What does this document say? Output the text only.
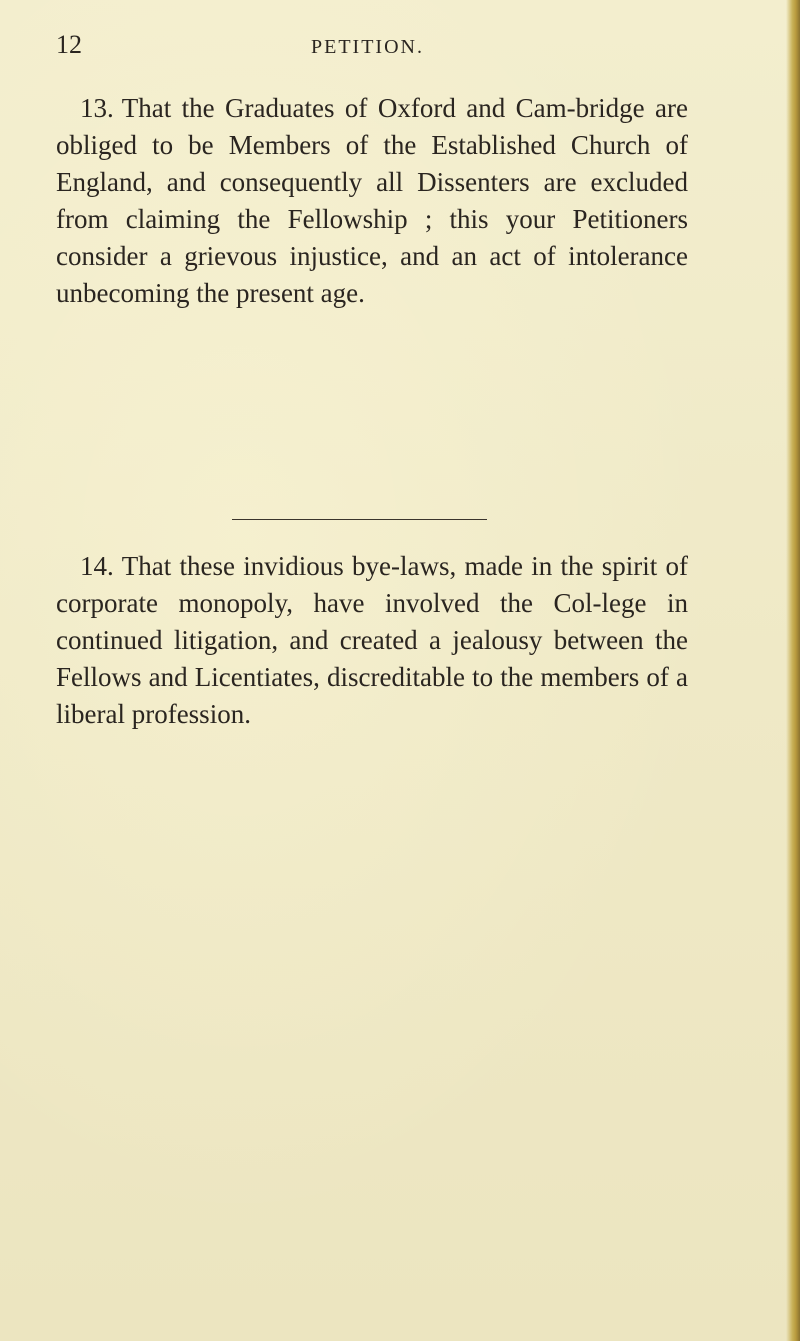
12	PETITION.

13. That the Graduates of Oxford and Cam-bridge are obliged to be Members of the Established Church of England, and consequently all Dissenters are excluded from claiming the Fellowship ; this your Petitioners consider a grievous injustice, and an act of intolerance unbecoming the present age.

14. That these invidious bye-laws, made in the spirit of corporate monopoly, have involved the Col-lege in continued litigation, and created a jealousy between the Fellows and Licentiates, discreditable to the members of a liberal profession.
